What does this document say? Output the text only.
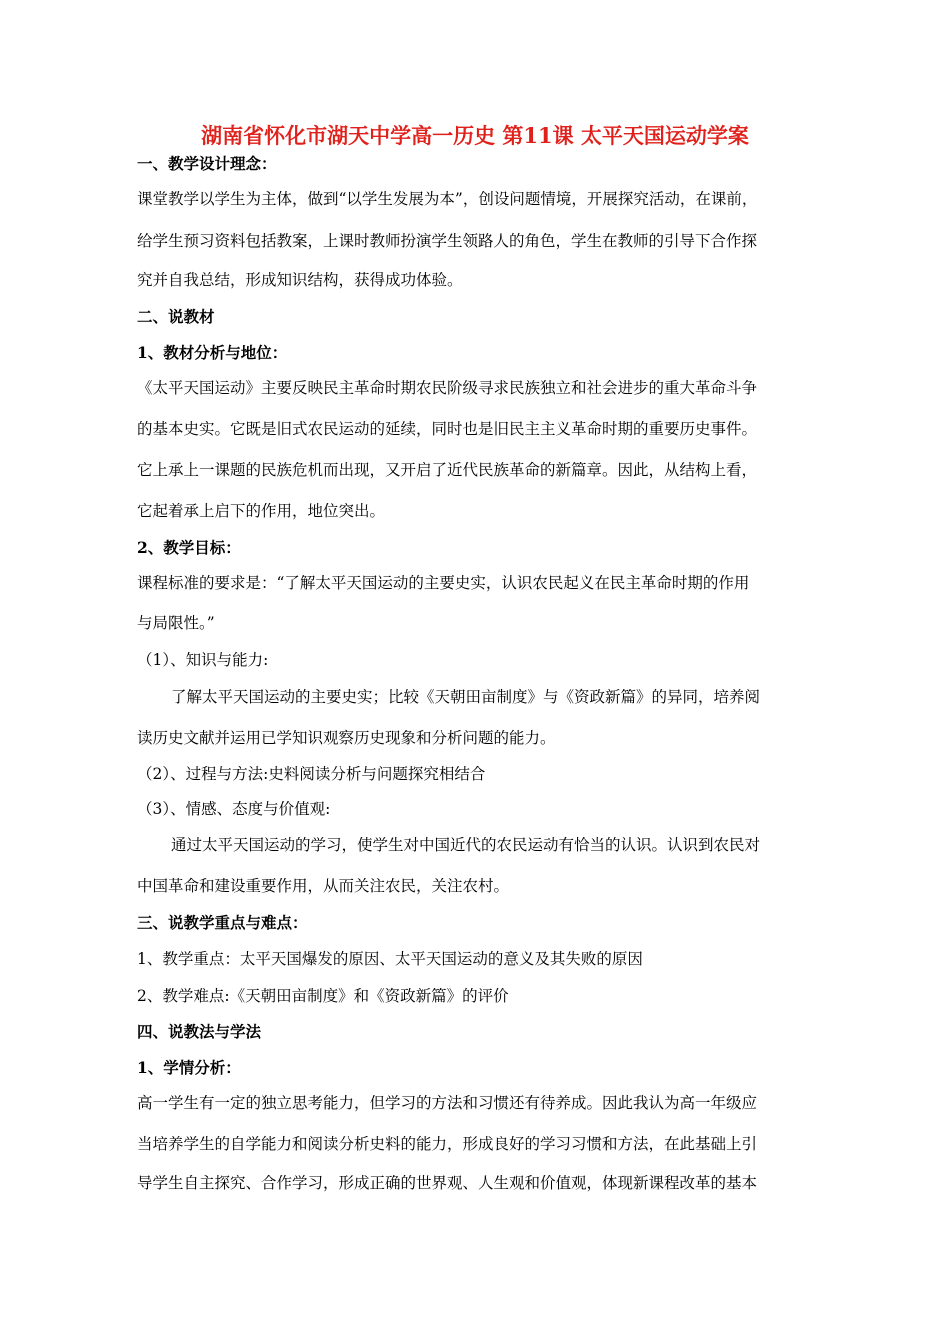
湖南省怀化市湖天中学高一历史 第11课 太平天国运动学案
一、教学设计理念：
课堂教学以学生为主体，做到“以学生发展为本”，创设问题情境，开展探究活动，在课前，
给学生预习资料包括教案，上课时教师扮演学生领路人的角色，学生在教师的引导下合作探
究并自我总结，形成知识结构，获得成功体验。
二、说教材
1、教材分析与地位：
《太平天国运动》主要反映民主革命时期农民阶级寻求民族独立和社会进步的重大革命斗争
的基本史实。它既是旧式农民运动的延续，同时也是旧民主主义革命时期的重要历史事件。
它上承上一课题的民族危机而出现，又开启了近代民族革命的新篇章。因此，从结构上看，
它起着承上启下的作用，地位突出。
2、教学目标：
课程标准的要求是：“了解太平天国运动的主要史实，认识农民起义在民主革命时期的作用
与局限性。”
（1）、知识与能力:
了解太平天国运动的主要史实；比较《天朝田亩制度》与《资政新篇》的异同，培养阅
读历史文献并运用已学知识观察历史现象和分析问题的能力。
（2）、过程与方法:史料阅读分析与问题探究相结合
（3）、情感、态度与价值观:
通过太平天国运动的学习，使学生对中国近代的农民运动有恰当的认识。认识到农民对
中国革命和建设重要作用，从而关注农民，关注农村。
三、说教学重点与难点：
1、教学重点：太平天国爆发的原因、太平天国运动的意义及其失败的原因
2、教学难点:《天朝田亩制度》和《资政新篇》的评价
四、说教法与学法
1、学情分析：
高一学生有一定的独立思考能力，但学习的方法和习惯还有待养成。因此我认为高一年级应
当培养学生的自学能力和阅读分析史料的能力，形成良好的学习习惯和方法，在此基础上引
导学生自主探究、合作学习，形成正确的世界观、人生观和价值观，体现新课程改革的基本
